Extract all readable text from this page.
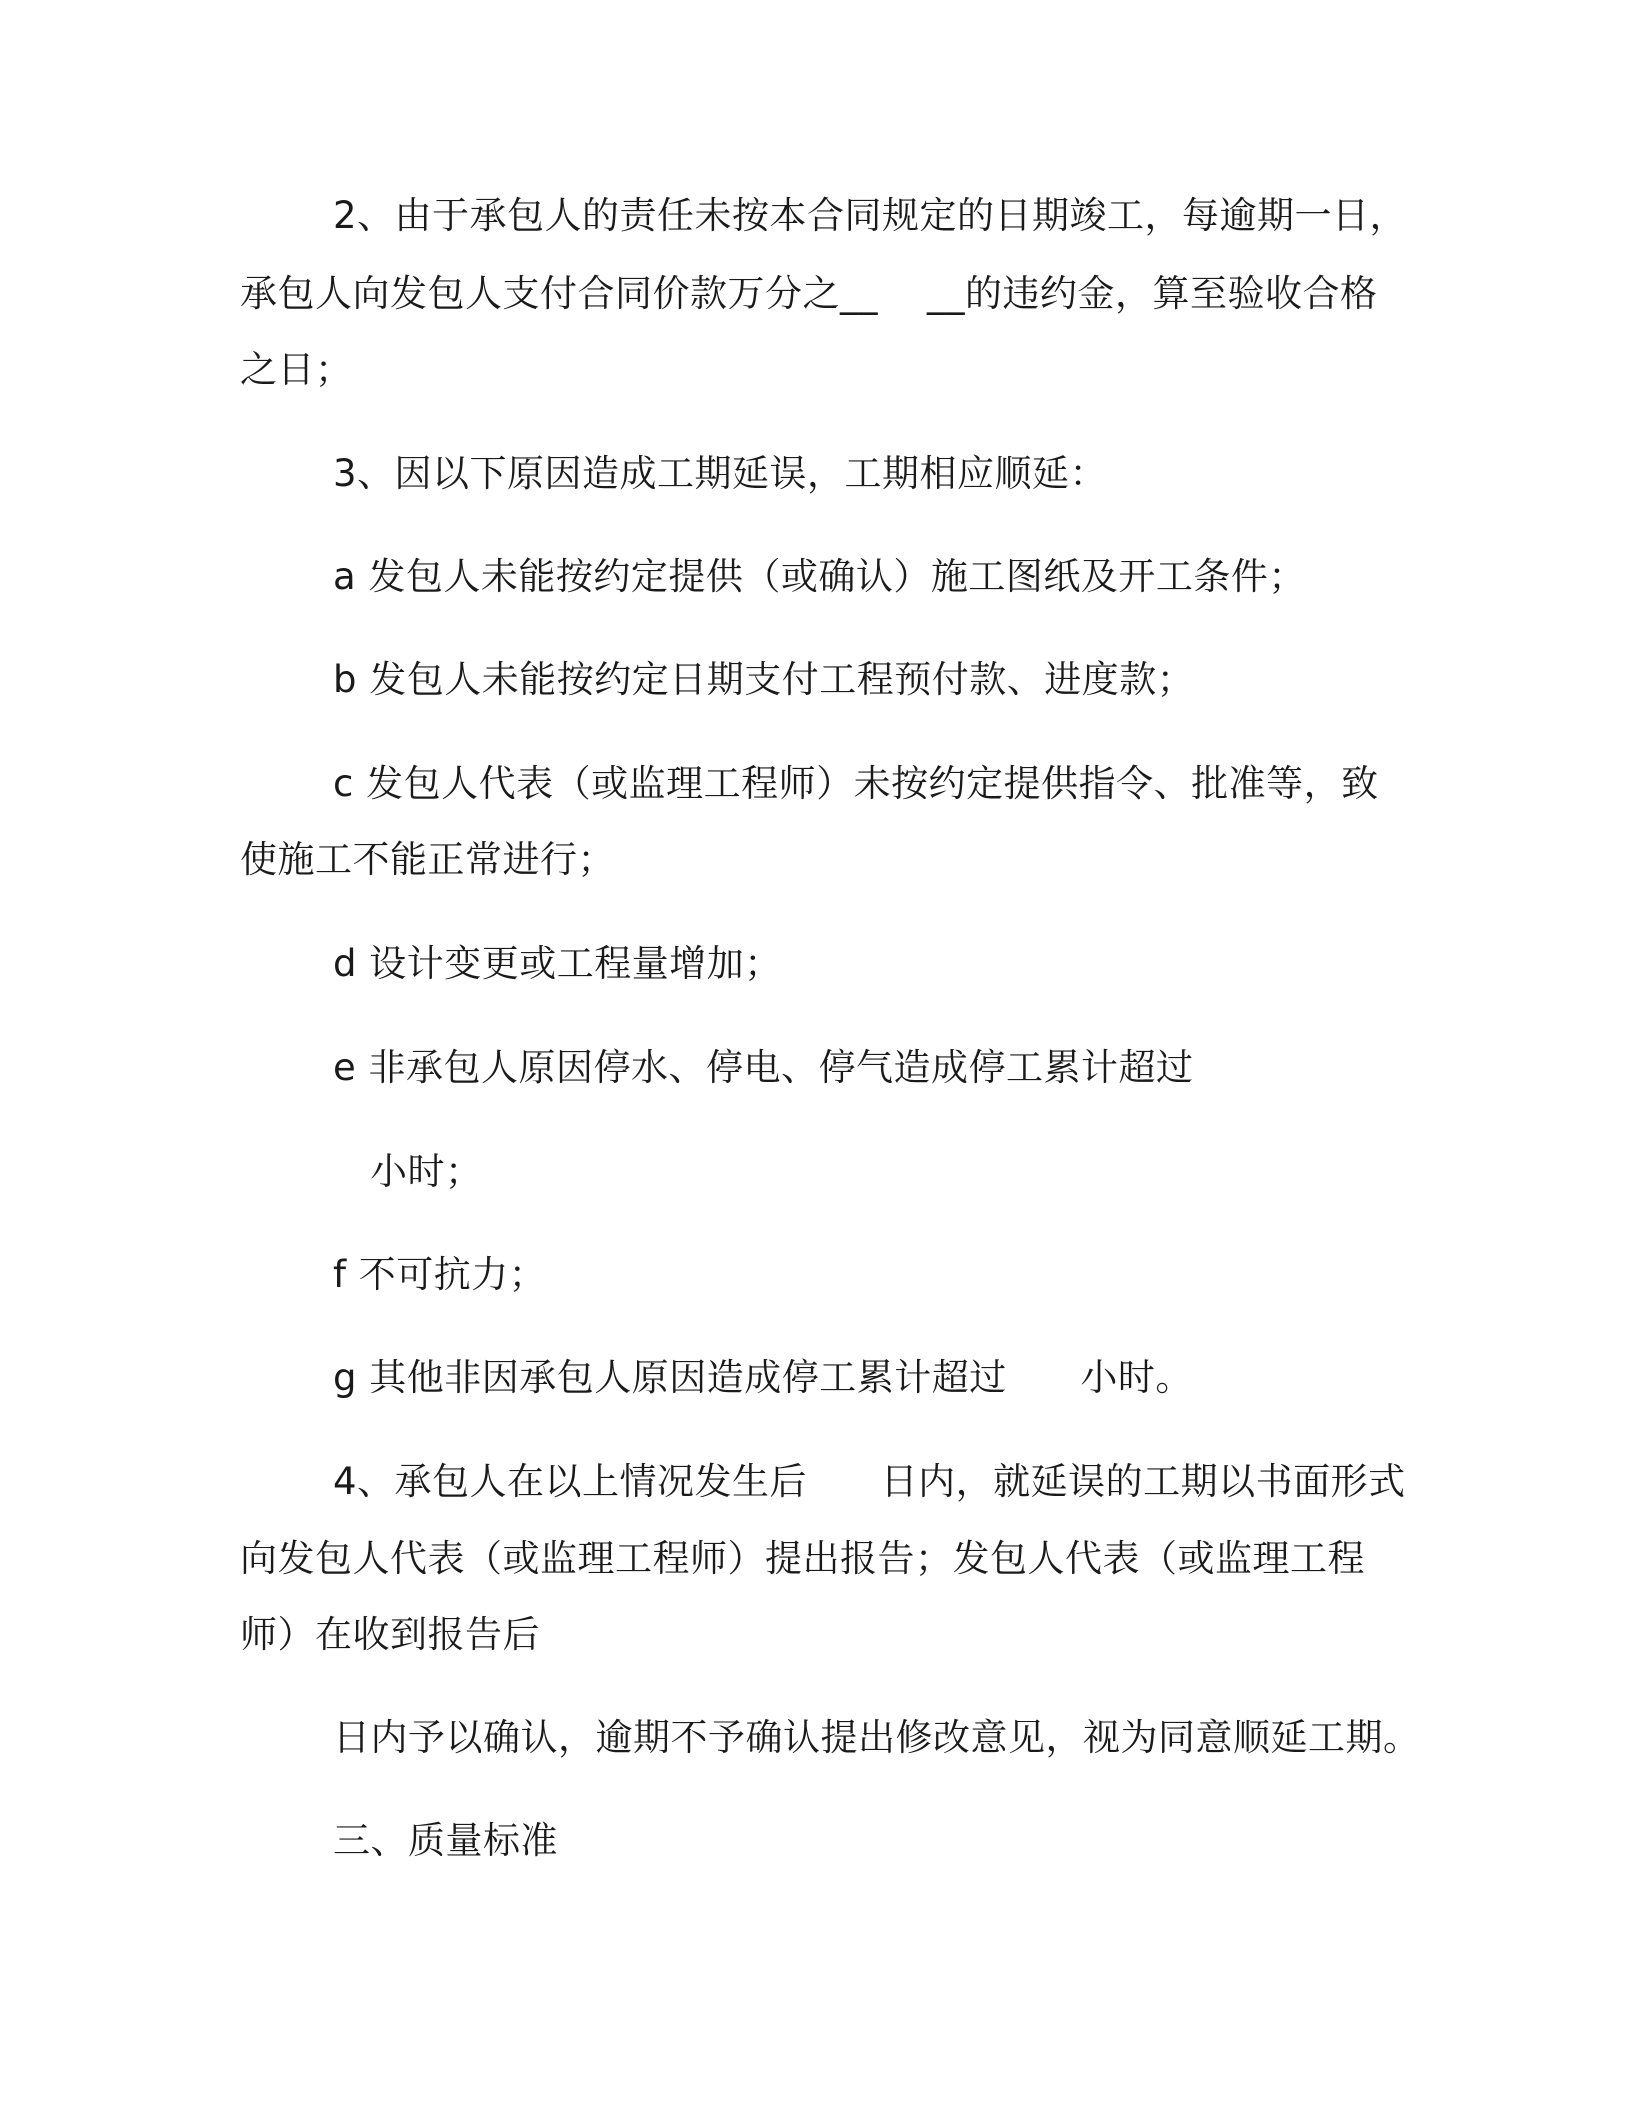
2、由于承包人的责任未按本合同规定的日期竣工，每逾期一日，

承包人向发包人支付合同价款万分之__    __的违约金，算至验收合格

之日；

3、因以下原因造成工期延误，工期相应顺延：

a 发包人未能按约定提供（或确认）施工图纸及开工条件；

b 发包人未能按约定日期支付工程预付款、进度款；

c 发包人代表（或监理工程师）未按约定提供指令、批准等，致

使施工不能正常进行；

d 设计变更或工程量增加；

e 非承包人原因停水、停电、停气造成停工累计超过

小时；

f 不可抗力；

g 其他非因承包人原因造成停工累计超过      小时。

4、承包人在以上情况发生后      日内，就延误的工期以书面形式

向发包人代表（或监理工程师）提出报告；发包人代表（或监理工程

师）在收到报告后

日内予以确认，逾期不予确认提出修改意见，视为同意顺延工期。

三、质量标准
